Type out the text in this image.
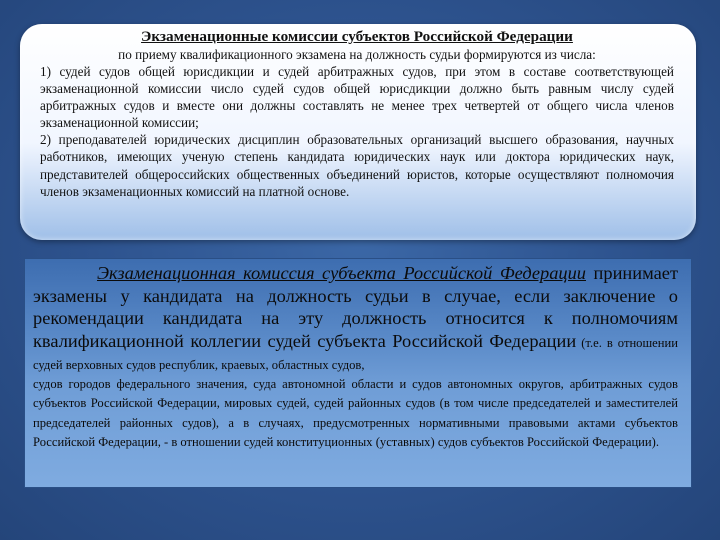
Экзаменационные комиссии субъектов Российской Федерации

по приему квалификационного экзамена на должность судьи формируются из числа:

1) судей судов общей юрисдикции и судей арбитражных судов, при этом в составе соответствующей экзаменационной комиссии число судей судов общей юрисдикции должно быть равным числу судей арбитражных судов и вместе они должны составлять не менее трех четвертей от общего числа членов экзаменационной комиссии;

2) преподавателей юридических дисциплин образовательных организаций высшего образования, научных работников, имеющих ученую степень кандидата юридических наук или доктора юридических наук, представителей общероссийских общественных объединений юристов, которые осуществляют полномочия членов экзаменационных комиссий на платной основе.

Экзаменационная комиссия субъекта Российской Федерации принимает экзамены у кандидата на должность судьи в случае, если заключение о рекомендации кандидата на эту должность относится к полномочиям квалификационной коллегии судей субъекта Российской Федерации (т.е. в отношении судей верховных судов республик, краевых, областных судов,

судов городов федерального значения, суда автономной области и судов автономных округов, арбитражных судов субъектов Российской Федерации, мировых судей, судей районных судов (в том числе председателей и заместителей председателей районных судов), а в случаях, предусмотренных нормативными правовыми актами субъектов Российской Федерации, - в отношении судей конституционных (уставных) судов субъектов Российской Федерации).
